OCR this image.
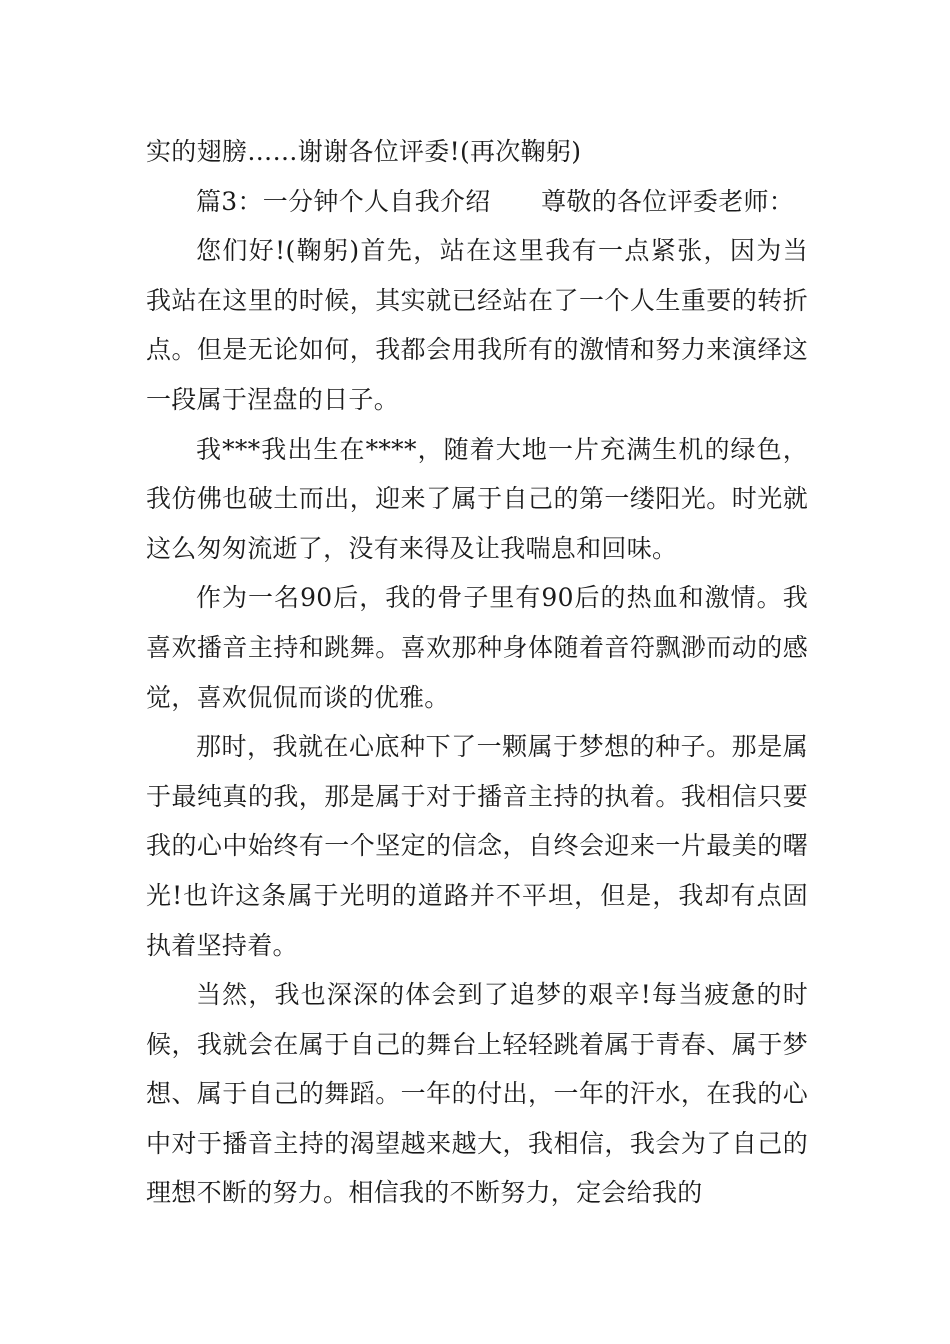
实的翅膀……谢谢各位评委!(再次鞠躬)

篇3：一分钟个人自我介绍　　尊敬的各位评委老师：

您们好!(鞠躬)首先，站在这里我有一点紧张，因为当我站在这里的时候，其实就已经站在了一个人生重要的转折点。但是无论如何，我都会用我所有的激情和努力来演绎这一段属于涅盘的日子。

我***我出生在****，随着大地一片充满生机的绿色，我仿佛也破土而出，迎来了属于自己的第一缕阳光。时光就这么匆匆流逝了，没有来得及让我喘息和回味。

作为一名90后，我的骨子里有90后的热血和激情。我喜欢播音主持和跳舞。喜欢那种身体随着音符飘渺而动的感觉，喜欢侃侃而谈的优雅。

那时，我就在心底种下了一颗属于梦想的种子。那是属于最纯真的我，那是属于对于播音主持的执着。我相信只要我的心中始终有一个坚定的信念，自终会迎来一片最美的曙光!也许这条属于光明的道路并不平坦，但是，我却有点固执着坚持着。

当然，我也深深的体会到了追梦的艰辛!每当疲惫的时候，我就会在属于自己的舞台上轻轻跳着属于青春、属于梦想、属于自己的舞蹈。一年的付出，一年的汗水，在我的心中对于播音主持的渴望越来越大，我相信，我会为了自己的理想不断的努力。相信我的不断努力，定会给我的
